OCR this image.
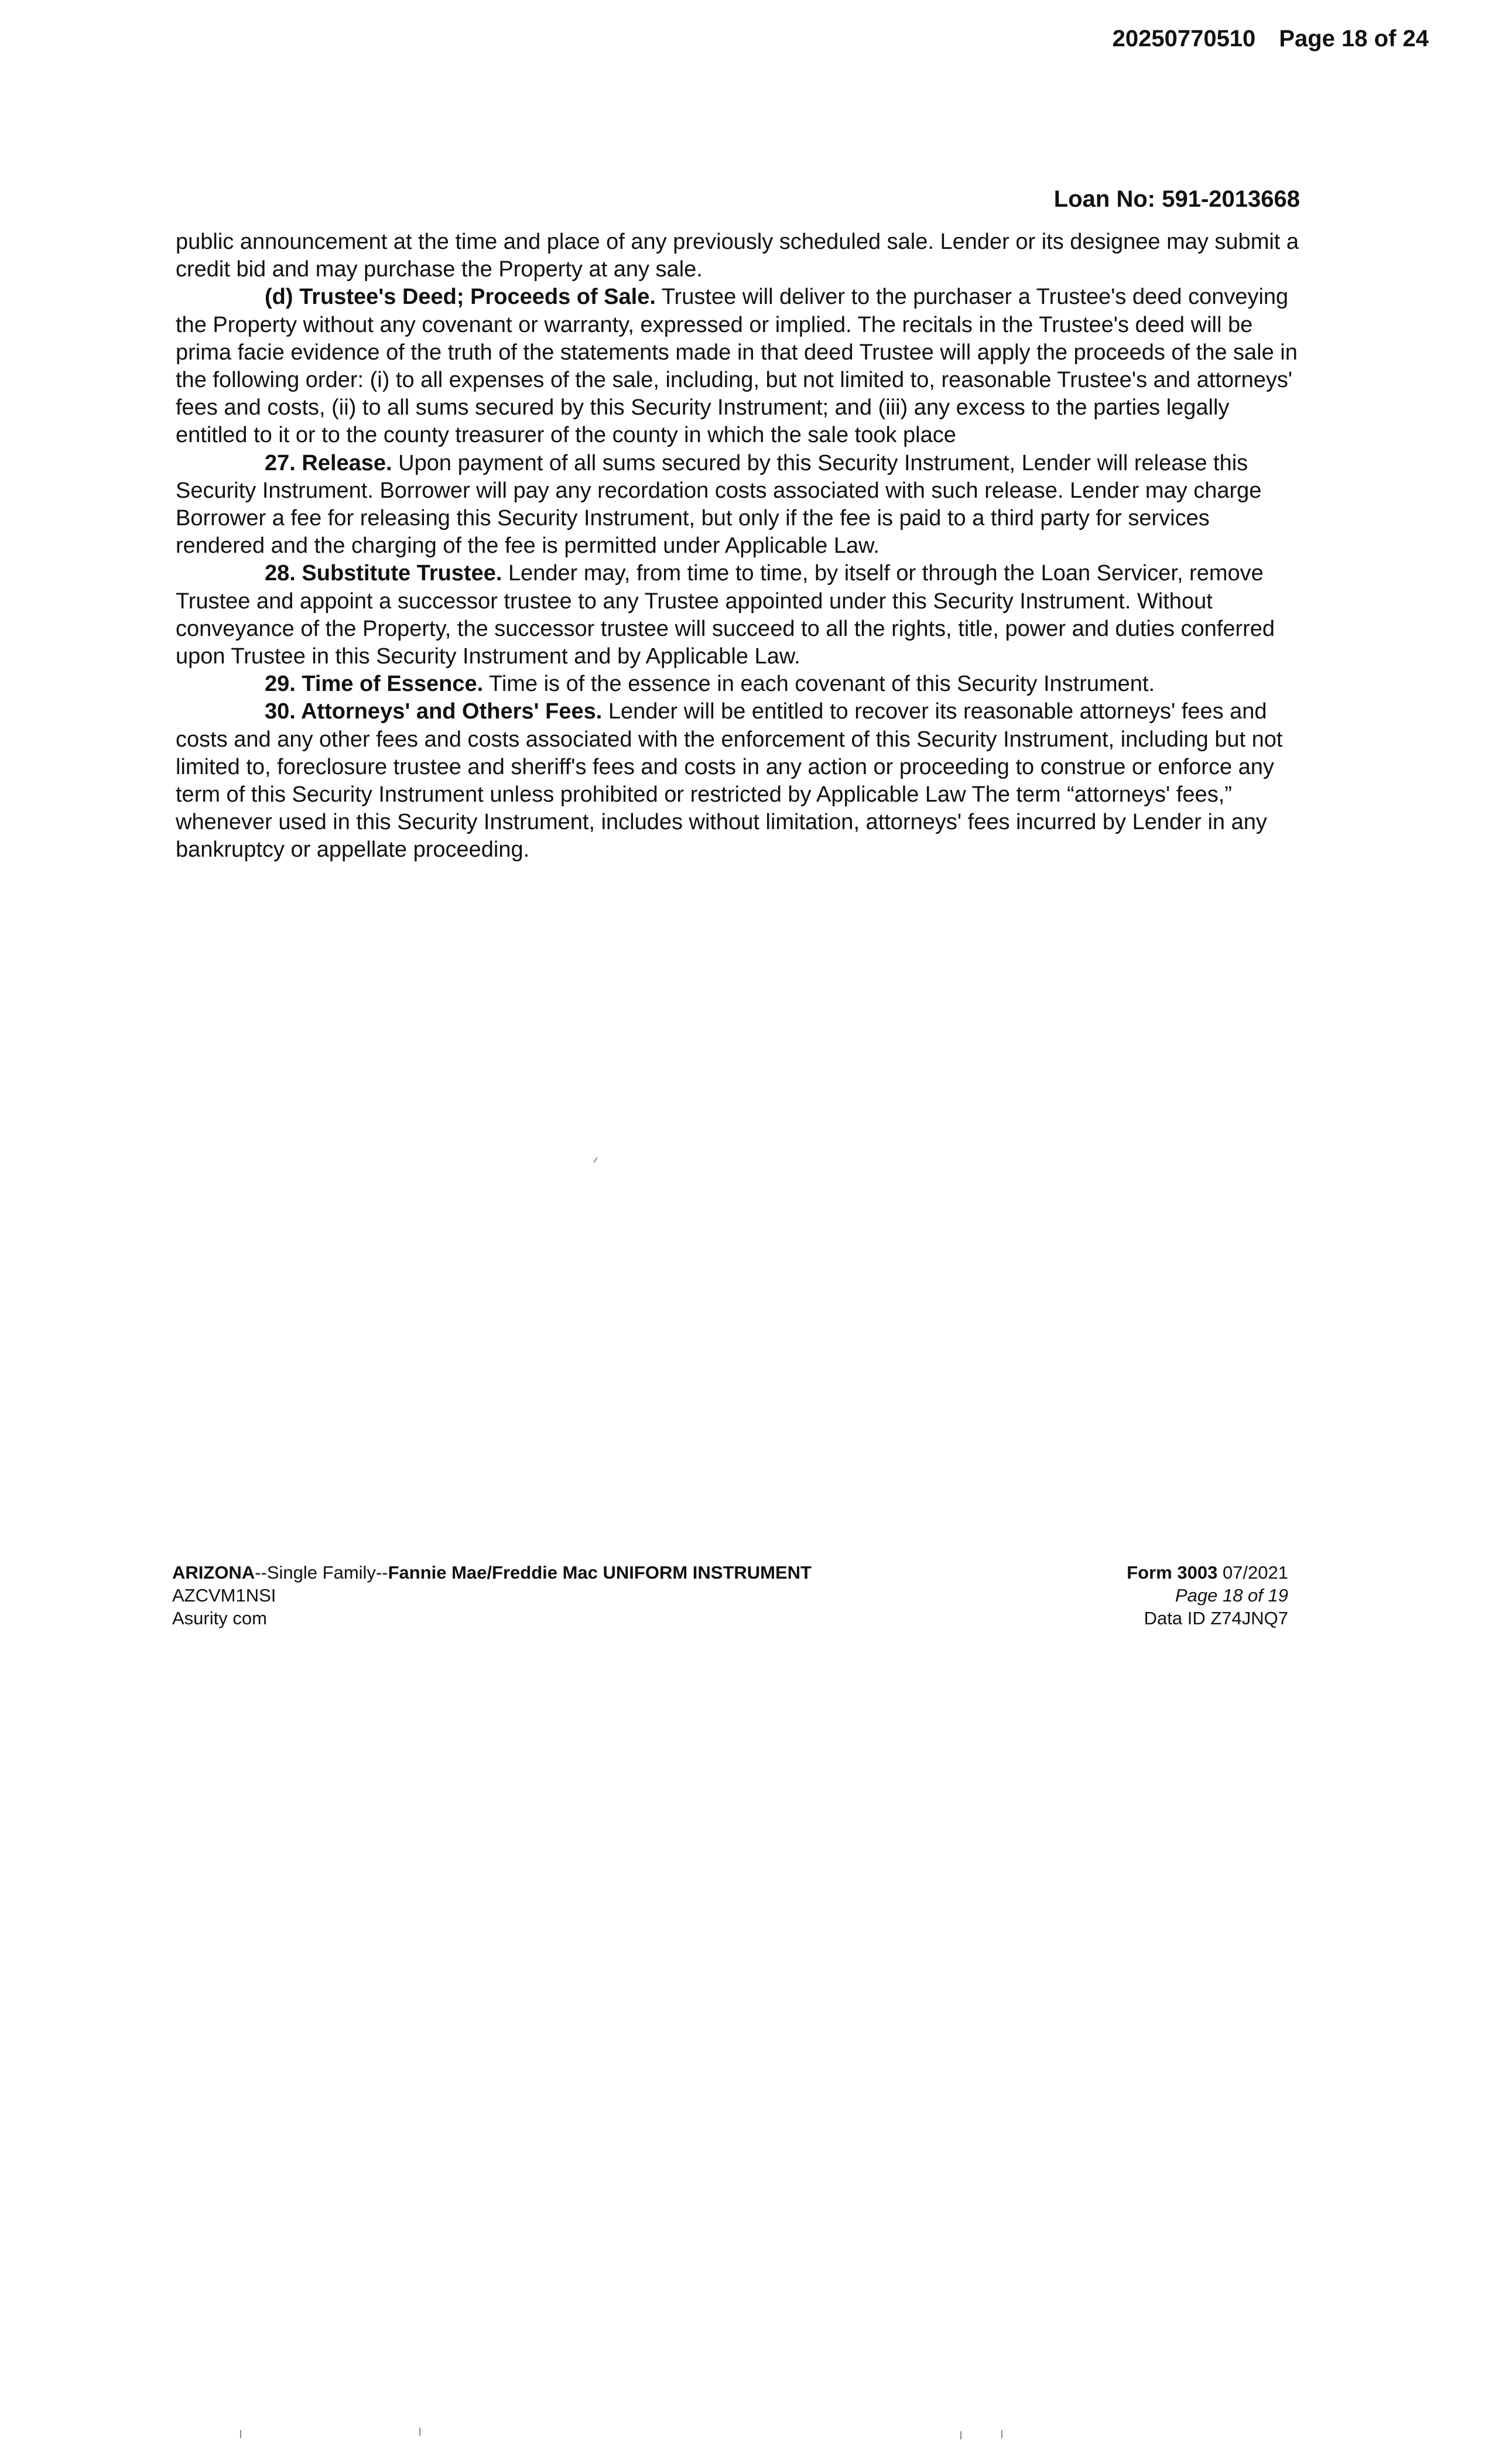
20250770510 Page 18 of 24
Loan No: 591-2013668

public announcement at the time and place of any previously scheduled sale. Lender or its designee may submit a credit bid and may purchase the Property at any sale.

(d) Trustee's Deed; Proceeds of Sale. Trustee will deliver to the purchaser a Trustee's deed conveying the Property without any covenant or warranty, expressed or implied. The recitals in the Trustee's deed will be prima facie evidence of the truth of the statements made in that deed Trustee will apply the proceeds of the sale in the following order: (i) to all expenses of the sale, including, but not limited to, reasonable Trustee's and attorneys' fees and costs, (ii) to all sums secured by this Security Instrument; and (iii) any excess to the parties legally entitled to it or to the county treasurer of the county in which the sale took place

27. Release. Upon payment of all sums secured by this Security Instrument, Lender will release this Security Instrument. Borrower will pay any recordation costs associated with such release. Lender may charge Borrower a fee for releasing this Security Instrument, but only if the fee is paid to a third party for services rendered and the charging of the fee is permitted under Applicable Law.

28. Substitute Trustee. Lender may, from time to time, by itself or through the Loan Servicer, remove Trustee and appoint a successor trustee to any Trustee appointed under this Security Instrument. Without conveyance of the Property, the successor trustee will succeed to all the rights, title, power and duties conferred upon Trustee in this Security Instrument and by Applicable Law.

29. Time of Essence. Time is of the essence in each covenant of this Security Instrument.

30. Attorneys' and Others' Fees. Lender will be entitled to recover its reasonable attorneys' fees and costs and any other fees and costs associated with the enforcement of this Security Instrument, including but not limited to, foreclosure trustee and sheriff's fees and costs in any action or proceeding to construe or enforce any term of this Security Instrument unless prohibited or restricted by Applicable Law The term “attorneys' fees,” whenever used in this Security Instrument, includes without limitation, attorneys' fees incurred by Lender in any bankruptcy or appellate proceeding.

ARIZONA--Single Family--Fannie Mae/Freddie Mac UNIFORM INSTRUMENT
AZCVM1NSI
Asurity com
Form 3003 07/2021
Page 18 of 19
Data ID Z74JNQ7
